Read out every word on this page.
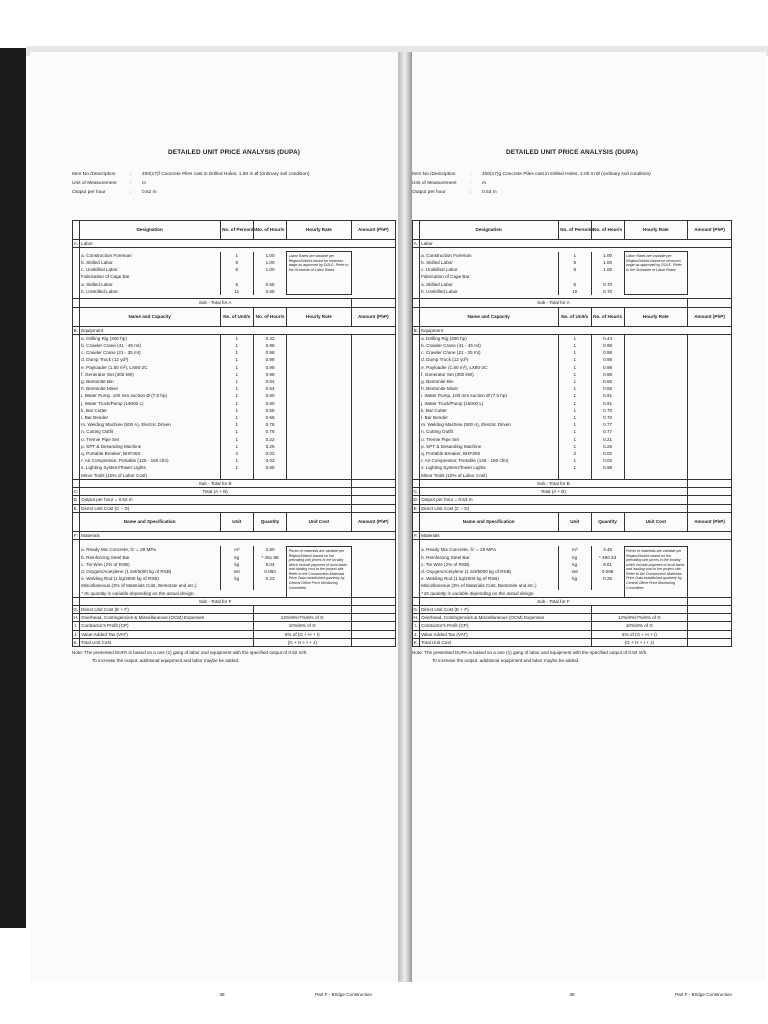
DETAILED UNIT PRICE ANALYSIS (DUPA)
Item No./Description	:	400(17)f Concrete Piles cast in Drilled Holes, 1.80 m Ø (ordinary soil condition)
Unit of Measurement	:	m
Output per hour	:	0.62 m
	Designation	No. of Person/s	No. of Hour/s	Hourly Rate	Amount (PhP)
A.	Labor				

	a. Construction Foreman	1	1.00	Labor Rates are variable per Region/District based on minimum wage as approved by DOLE. Refer to the Schedule of Labor Rates.	
	b. Skilled Labor	5	1.00		
	c. Unskilled Labor	6	1.00		
	Fabrication of Cage Bar				
	a. Skilled Labor	6	0.68		
	b. Unskilled Labor	11	0.68		

	Sub - Total for A				
	Name and Capacity	No. of Unit/s	No. of Hour/s	Hourly Rate	Amount (PhP)
B.	Equipment				
	a. Drilling Rig (300 hp)	1	0.42		
	b. Crawler Crane (41 - 45 mt)	1	0.98		
	c. Crawler Crane (21 - 25 mt)	1	0.98		
	d. Dump Truck (12 yd³)	1	0.98		
	e. Payloader (1.50 m³), LX80-2C	1	0.98		
	f. Generator Set (300 kW)	1	0.98		
	g. Bentonite Bin	1	0.64		
	h. Bentonite Mixer	1	0.64		
	i. Water Pump, 100 mm suction Ø (7.5 hp)	1	0.90		
	j. Water Truck/Pump (16000 L)	1	0.90		
	k. Bar Cutter	1	0.68		
	l. Bar Bender	1	0.68		
	m. Welding Machine (500 A), Electric Driven	1	0.76		
	n. Cutting Outfit	1	0.76		
	o. Tremie Pipe Set	1	0.22		
	p. SPT & Desanding Machine	1	0.26		
	q. Portable Breaker, BHF30S	2	0.02		
	r. Air Compressor, Portable (125 - 160 cfm)	1	0.02		
	s. Lighting System/Tower Lights	1	0.98		
	Minor Tools (10% of Labor Cost)				
	Sub - Total for B				
C.	Total (A + B)				
D.	Output per hour = 0.62 m				
E.	Direct Unit Cost (C ÷ D)				
	Name and Specification	Unit	Quantity	Unit Cost	Amount (PhP)
F.	Materials				

	a. Ready Mix Concrete, fc' = 28 MPa	m³	2.80	Prices of materials are variable per Region/District based on the prevailing unit prices in the locality which include payment of local taxes and hauling cost to the project site. Refer to the Construction Materials Price Data established quarterly by Central Office Price Monitoring Committee.	
	b. Reinforcing Steel Bar	kg	* 451.98		
	c. Tie Wire (2% of RSB)	kg	9.04		
	d. Oxygen/Acetylene (1 set/5000 kg of RSB)	set	0.090		
	e. Welding Rod (1 kg/2000 kg of RSB)	kg	0.23		
	Miscellaneous (3% of Materials Cost, Bentonite and etc.)				
	* Its quantity is variable depending on the actual design.				
	Sub - Total for F				
G.	Direct Unit Cost (E + F)				
H.	Overhead, Contingencies & Miscellaneous (OCM) Expenses		12%/9%/7%/6% of G		
I.	Contractor's Profit (CP)		10%/8% of G		
J.	Value Added Tax (VAT)		5% of (G + H + I)		
K.	Total Unit Cost		(G + H + I + J)		
Note: The presented DUPA is based on a one (1) gang of labor and equipment with the specified output of 0.62 m/h.
To increase the output, additional equipment and labor maybe be added.
38	Part F - Bridge Construction
DETAILED UNIT PRICE ANALYSIS (DUPA)
Item No./Description	:	400(17)g Concrete Piles cast in Drilled Holes, 2.00 m Ø (ordinary soil condition)
Unit of Measurement	:	m
Output per hour	:	0.53 m
	Designation	No. of Person/s	No. of Hour/s	Hourly Rate	Amount (PhP)
A.	Labor				

	a. Construction Foreman	1	1.00	Labor Rates are variable per Region/District based on minimum wage as approved by DOLE. Refer to the Schedule of Labor Rates.	
	b. Skilled Labor	5	1.00		
	c. Unskilled Labor	6	1.00		
	Fabrication of Cage Bar				
	a. Skilled Labor	5	0.70		
	b. Unskilled Labor	10	0.70		

	Sub - Total for A				
	Name and Capacity	No. of Unit/s	No. of Hour/s	Hourly Rate	Amount (PhP)
B.	Equipment				
	a. Drilling Rig (300 hp)	1	0.44		
	b. Crawler Crane (41 - 45 mt)	1	0.98		
	c. Crawler Crane (21 - 25 mt)	1	0.98		
	d. Dump Truck (12 yd³)	1	0.98		
	e. Payloader (1.50 m³), LX80-2C	1	0.98		
	f. Generator Set (300 kW)	1	0.98		
	g. Bentonite Bin	1	0.65		
	h. Bentonite Mixer	1	0.65		
	i. Water Pump, 100 mm suction Ø (7.5 hp)	1	0.91		
	j. Water Truck/Pump (16000 L)	1	0.91		
	k. Bar Cutter	1	0.70		
	l. Bar Bender	1	0.70		
	m. Welding Machine (500 A), Electric Driven	1	0.77		
	n. Cutting Outfit	1	0.77		
	o. Tremie Pipe Set	1	0.21		
	p. SPT & Desanding Machine	1	0.26		
	q. Portable Breaker, BHF30S	2	0.02		
	r. Air Compressor, Portable (125 - 160 cfm)	1	0.02		
	s. Lighting System/Tower Lights	1	0.98		
	Minor Tools (10% of Labor Cost)				
	Sub - Total for B				
C.	Total (A + B)				
D.	Output per hour = 0.53 m				
E.	Direct Unit Cost (C ÷ D)				
	Name and Specification	Unit	Quantity	Unit Cost	Amount (PhP)
F.	Materials				

	a. Ready Mix Concrete, fc' = 28 MPa	m³	3.46	Prices of materials are variable per Region/District based on the prevailing unit prices in the locality which include payment of local taxes and hauling cost to the project site. Refer to the Construction Materials Price Data established quarterly by Central Office Price Monitoring Committee.	
	b. Reinforcing Steel Bar	kg	* 490.33		
	c. Tie Wire (2% of RSB)	kg	9.81		
	d. Oxygen/Acetylene (1 set/5000 kg of RSB)	set	0.098		
	e. Welding Rod (1 kg/2000 kg of RSB)	kg	0.25		
	Miscellaneous (3% of Materials Cost, Bentonite and etc.)				
	* Its quantity is variable depending on the actual design.				
	Sub - Total for F				
G.	Direct Unit Cost (E + F)				
H.	Overhead, Contingencies & Miscellaneous (OCM) Expenses		12%/9%/7%/6% of G		
I.	Contractor's Profit (CP)		10%/8% of G		
J.	Value Added Tax (VAT)		5% of (G + H + I)		
K.	Total Unit Cost		(G + H + I + J)		
Note: The presented DUPA is based on a one (1) gang of labor and equipment with the specified output of 0.53 m/h.
To increase the output, additional equipment and labor maybe be added.
39	Part F - Bridge Construction
